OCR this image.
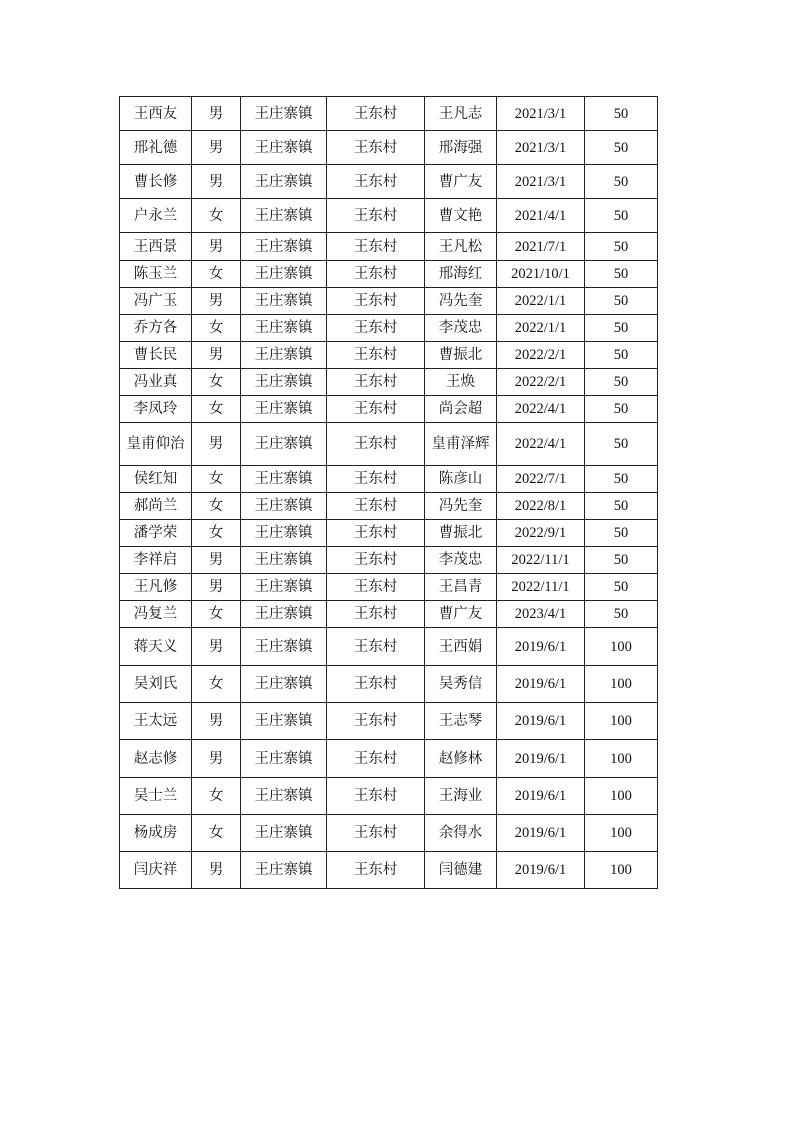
王西友	男	王庄寨镇	王东村	王凡志	2021/3/1	50
邢礼德	男	王庄寨镇	王东村	邢海强	2021/3/1	50
曹长修	男	王庄寨镇	王东村	曹广友	2021/3/1	50
户永兰	女	王庄寨镇	王东村	曹文艳	2021/4/1	50
王西景	男	王庄寨镇	王东村	王凡松	2021/7/1	50
陈玉兰	女	王庄寨镇	王东村	邢海红	2021/10/1	50
冯广玉	男	王庄寨镇	王东村	冯先奎	2022/1/1	50
乔方各	女	王庄寨镇	王东村	李茂忠	2022/1/1	50
曹长民	男	王庄寨镇	王东村	曹振北	2022/2/1	50
冯业真	女	王庄寨镇	王东村	王焕	2022/2/1	50
李凤玲	女	王庄寨镇	王东村	尚会超	2022/4/1	50
皇甫仰治	男	王庄寨镇	王东村	皇甫泽辉	2022/4/1	50
侯红知	女	王庄寨镇	王东村	陈彦山	2022/7/1	50
郝尚兰	女	王庄寨镇	王东村	冯先奎	2022/8/1	50
潘学荣	女	王庄寨镇	王东村	曹振北	2022/9/1	50
李祥启	男	王庄寨镇	王东村	李茂忠	2022/11/1	50
王凡修	男	王庄寨镇	王东村	王昌青	2022/11/1	50
冯复兰	女	王庄寨镇	王东村	曹广友	2023/4/1	50
蒋天义	男	王庄寨镇	王东村	王西娟	2019/6/1	100
吴刘氏	女	王庄寨镇	王东村	吴秀信	2019/6/1	100
王太远	男	王庄寨镇	王东村	王志琴	2019/6/1	100
赵志修	男	王庄寨镇	王东村	赵修林	2019/6/1	100
吴士兰	女	王庄寨镇	王东村	王海业	2019/6/1	100
杨成房	女	王庄寨镇	王东村	余得水	2019/6/1	100
闫庆祥	男	王庄寨镇	王东村	闫德建	2019/6/1	100
